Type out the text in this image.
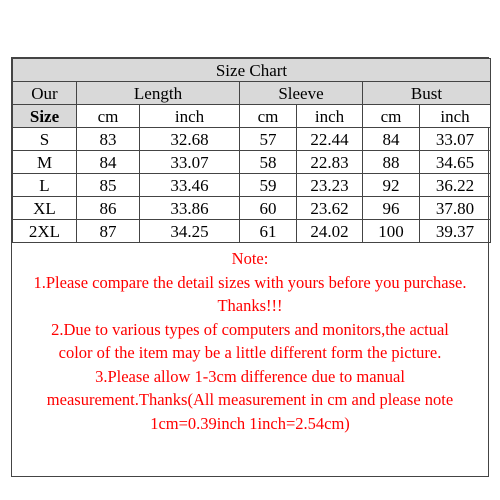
Size Chart						
Our	Length		Sleeve		Bust	
Size	cm	inch	cm	inch	cm	inch
S	83	32.68	57	22.44	84	33.07
M	84	33.07	58	22.83	88	34.65
L	85	33.46	59	23.23	92	36.22
XL	86	33.86	60	23.62	96	37.80
2XL	87	34.25	61	24.02	100	39.37
Note:
1.Please compare the detail sizes with yours before you purchase.
Thanks!!!
2.Due to various types of computers and monitors,the actual
color of the item may be a little different form the picture.
3.Please allow 1-3cm difference due to manual
measurement.Thanks(All measurement in cm and please note
1cm=0.39inch 1inch=2.54cm)
